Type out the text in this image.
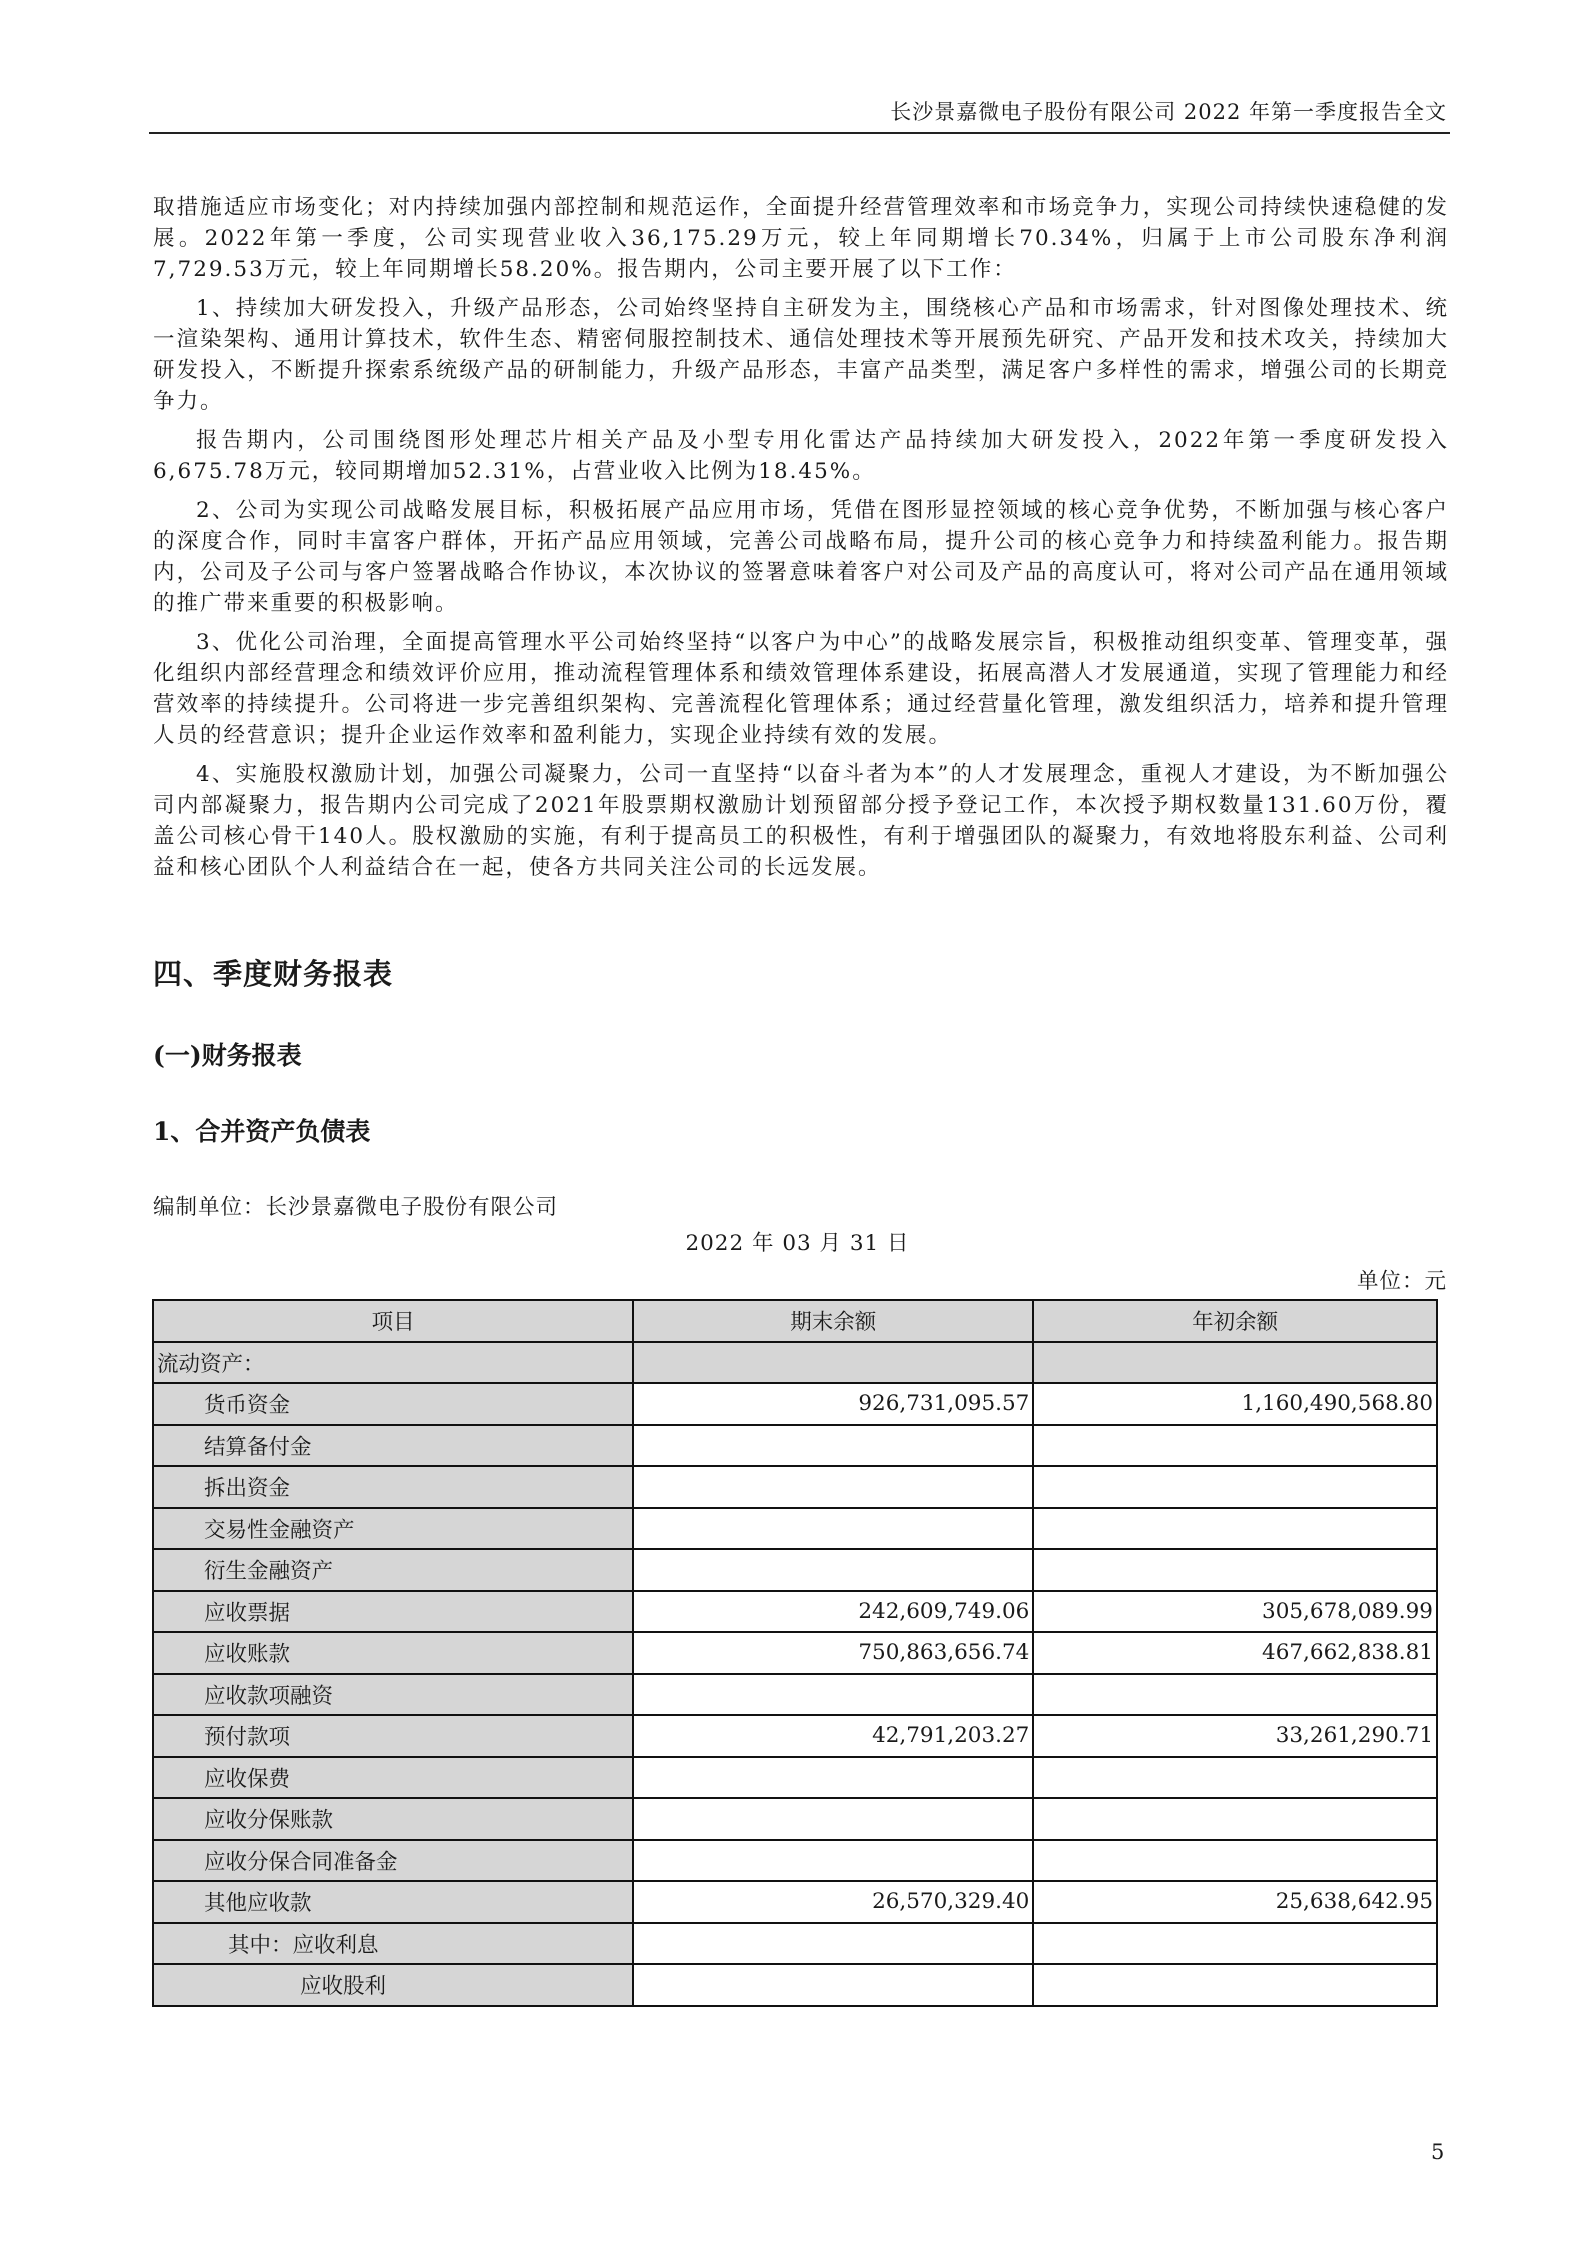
长沙景嘉微电子股份有限公司 2022 年第一季度报告全文

取措施适应市场变化；对内持续加强内部控制和规范运作，全面提升经营管理效率和市场竞争力，实现公司持续快速稳健的发展。2022年第一季度，公司实现营业收入36,175.29万元，较上年同期增长70.34%，归属于上市公司股东净利润7,729.53万元，较上年同期增长58.20%。报告期内，公司主要开展了以下工作：

1、持续加大研发投入，升级产品形态，公司始终坚持自主研发为主，围绕核心产品和市场需求，针对图像处理技术、统一渲染架构、通用计算技术，软件生态、精密伺服控制技术、通信处理技术等开展预先研究、产品开发和技术攻关，持续加大研发投入，不断提升探索系统级产品的研制能力，升级产品形态，丰富产品类型，满足客户多样性的需求，增强公司的长期竞争力。

报告期内，公司围绕图形处理芯片相关产品及小型专用化雷达产品持续加大研发投入，2022年第一季度研发投入6,675.78万元，较同期增加52.31%，占营业收入比例为18.45%。

2、公司为实现公司战略发展目标，积极拓展产品应用市场，凭借在图形显控领域的核心竞争优势，不断加强与核心客户的深度合作，同时丰富客户群体，开拓产品应用领域，完善公司战略布局，提升公司的核心竞争力和持续盈利能力。报告期内，公司及子公司与客户签署战略合作协议，本次协议的签署意味着客户对公司及产品的高度认可，将对公司产品在通用领域的推广带来重要的积极影响。

3、优化公司治理，全面提高管理水平公司始终坚持“以客户为中心”的战略发展宗旨，积极推动组织变革、管理变革，强化组织内部经营理念和绩效评价应用，推动流程管理体系和绩效管理体系建设，拓展高潜人才发展通道，实现了管理能力和经营效率的持续提升。公司将进一步完善组织架构、完善流程化管理体系；通过经营量化管理，激发组织活力，培养和提升管理人员的经营意识；提升企业运作效率和盈利能力，实现企业持续有效的发展。

4、实施股权激励计划，加强公司凝聚力，公司一直坚持“以奋斗者为本”的人才发展理念，重视人才建设，为不断加强公司内部凝聚力，报告期内公司完成了2021年股票期权激励计划预留部分授予登记工作，本次授予期权数量131.60万份，覆盖公司核心骨干140人。股权激励的实施，有利于提高员工的积极性，有利于增强团队的凝聚力，有效地将股东利益、公司利益和核心团队个人利益结合在一起，使各方共同关注公司的长远发展。

四、季度财务报表
(一)财务报表
1、合并资产负债表
编制单位：长沙景嘉微电子股份有限公司
2022 年 03 月 31 日
单位：元
项目	期末余额	年初余额
流动资产：		
货币资金	926,731,095.57	1,160,490,568.80
结算备付金		
拆出资金		
交易性金融资产		
衍生金融资产		
应收票据	242,609,749.06	305,678,089.99
应收账款	750,863,656.74	467,662,838.81
应收款项融资		
预付款项	42,791,203.27	33,261,290.71
应收保费		
应收分保账款		
应收分保合同准备金		
其他应收款	26,570,329.40	25,638,642.95
其中：应收利息		
应收股利		
5
